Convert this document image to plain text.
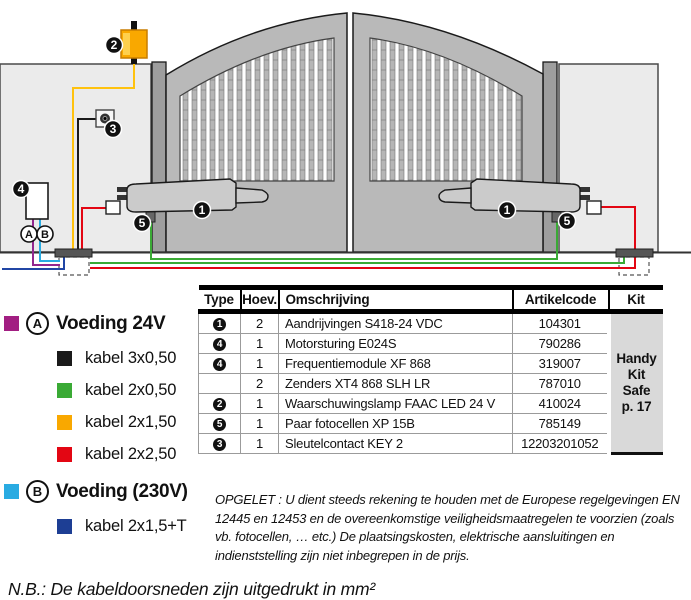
1	1
2
3
4
5	5
A B
A Voeding 24V
kabel 3x0,50
kabel 2x0,50
kabel 2x1,50
kabel 2x2,50
B Voeding (230V)
kabel 2x1,5+T
Type	Hoev.	Omschrijving	Artikelcode	Kit
1	2	Aandrijvingen S418-24 VDC	104301	Handy
Kit
Safe
p. 17

4	1	Motorsturing E024S	790286	
4	1	Frequentiemodule XF 868	319007	
	2	Zenders XT4 868 SLH LR	787010	
2	1	Waarschuwingslamp FAAC LED 24 V	410024	
5	1	Paar fotocellen XP 15B	785149	
3	1	Sleutelcontact KEY 2	12203201052	

OPGELET : U dient steeds rekening te houden met de Europese regelgevingen EN 12445 en 12453 en de overeenkomstige veiligheidsmaatregelen te voorzien (zoals vb. fotocellen, … etc.) De plaatsingskosten, elektrische aansluitingen en indienststelling zijn niet inbegrepen in de prijs.

N.B.: De kabeldoorsneden zijn uitgedrukt in mm²
